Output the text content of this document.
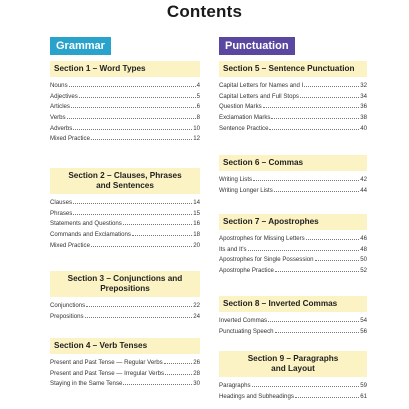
Contents
Grammar
Section 1 – Word Types
Nouns	4
Adjectives	5
Articles	6
Verbs	8
Adverbs	10
Mixed Practice	12
Section 2 – Clauses, Phrases
and Sentences
Clauses	14
Phrases	15
Statements and Questions	16
Commands and Exclamations	18
Mixed Practice	20
Section 3 – Conjunctions and
Prepositions
Conjunctions	22
Prepositions	24
Section 4 – Verb Tenses
Present and Past Tense — Regular Verbs	26
Present and Past Tense — Irregular Verbs	28
Staying in the Same Tense	30
Punctuation
Section 5 – Sentence Punctuation
Capital Letters for Names and I	32
Capital Letters and Full Stops	34
Question Marks	36
Exclamation Marks	38
Sentence Practice	40
Section 6 – Commas
Writing Lists	42
Writing Longer Lists	44
Section 7 – Apostrophes
Apostrophes for Missing Letters	46
Its and It's	48
Apostrophes for Single Possession	50
Apostrophe Practice	52
Section 8 – Inverted Commas
Inverted Commas	54
Punctuating Speech	56
Section 9 – Paragraphs
and Layout
Paragraphs	59
Headings and Subheadings	61
